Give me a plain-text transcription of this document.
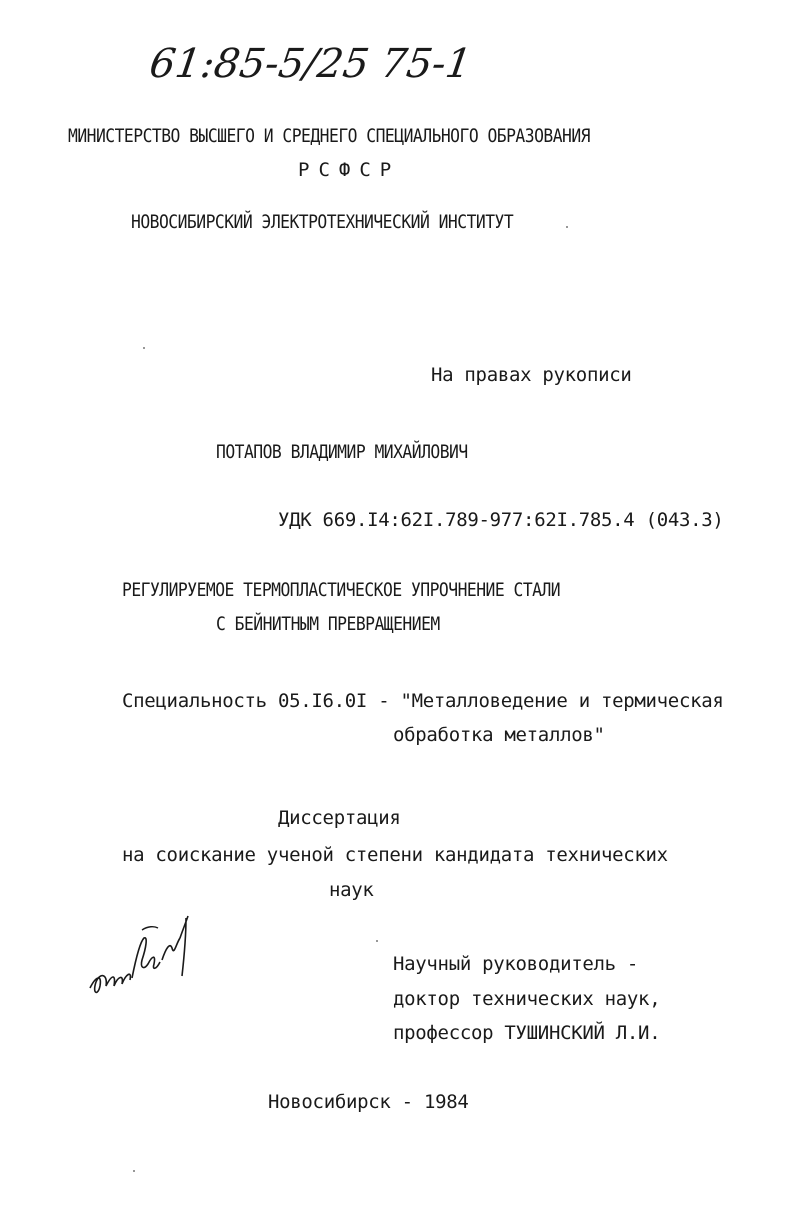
61:85-5/25 75-1
МИНИСТЕРСТВО ВЫСШЕГО И СРЕДНЕГО СПЕЦИАЛЬНОГО ОБРАЗОВАНИЯ
РСФСР
НОВОСИБИРСКИЙ ЭЛЕКТРОТЕХНИЧЕСКИЙ ИНСТИТУТ
На правах рукописи
ПОТАПОВ ВЛАДИМИР МИХАЙЛОВИЧ
УДК 669.I4:62I.789-977:62I.785.4 (043.3)
РЕГУЛИРУЕМОЕ ТЕРМОПЛАСТИЧЕСКОЕ УПРОЧНЕНИЕ СТАЛИ
С БЕЙНИТНЫМ ПРЕВРАЩЕНИЕМ
Специальность 05.I6.0I - "Металловедение и термическая
обработка металлов"
Диссертация
на соискание ученой степени кандидата технических
наук
Научный руководитель -
доктор технических наук,
профессор ТУШИНСКИЙ Л.И.
Новосибирск - 1984
